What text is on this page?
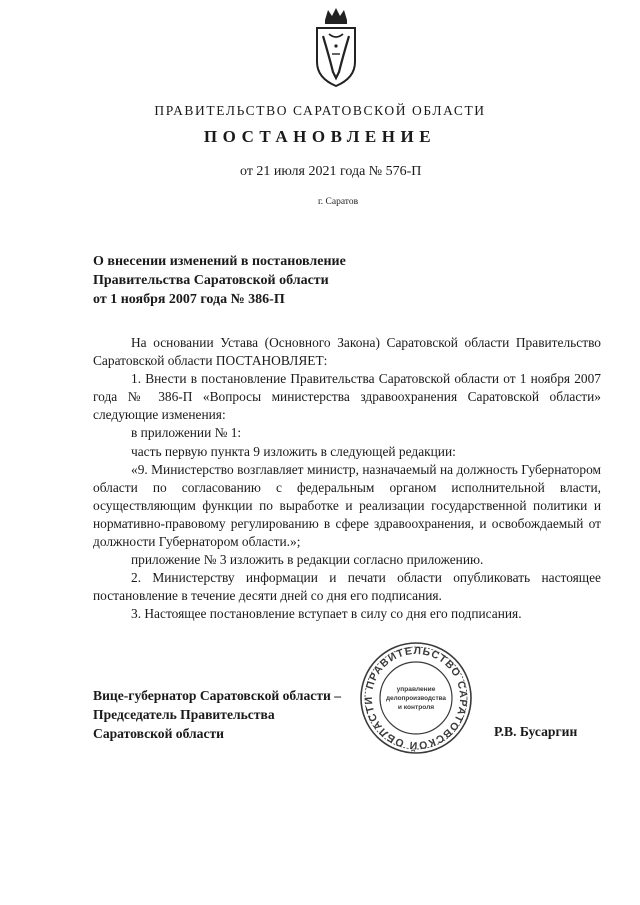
ПРАВИТЕЛЬСТВО САРАТОВСКОЙ ОБЛАСТИ
ПОСТАНОВЛЕНИЕ
от 21 июля 2021 года № 576-П
г. Саратов
О внесении изменений в постановление
Правительства Саратовской области
от 1 ноября 2007 года № 386-П

На основании Устава (Основного Закона) Саратовской области Правительство Саратовской области ПОСТАНОВЛЯЕТ:

1. Внести в постановление Правительства Саратовской области от 1 ноября 2007 года № 386-П «Вопросы министерства здравоохранения Саратовской области» следующие изменения:

в приложении № 1:

часть первую пункта 9 изложить в следующей редакции:

«9. Министерство возглавляет министр, назначаемый на должность Губернатором области по согласованию с федеральным органом исполнительной власти, осуществляющим функции по выработке и реализации государственной политики и нормативно-правовому регулированию в сфере здравоохранения, и освобождаемый от должности Губернатором области.»;

приложение № 3 изложить в редакции согласно приложению.

2. Министерству информации и печати области опубликовать настоящее постановление в течение десяти дней со дня его подписания.

3. Настоящее постановление вступает в силу со дня его подписания.

Вице-губернатор Саратовской области –
Председатель Правительства
Саратовской области
ПРАВИТЕЛЬСТВО САРАТОВСКОЙ ОБЛАСТИ
управление
делопроизводства
и контроля
Р.В. Бусаргин
